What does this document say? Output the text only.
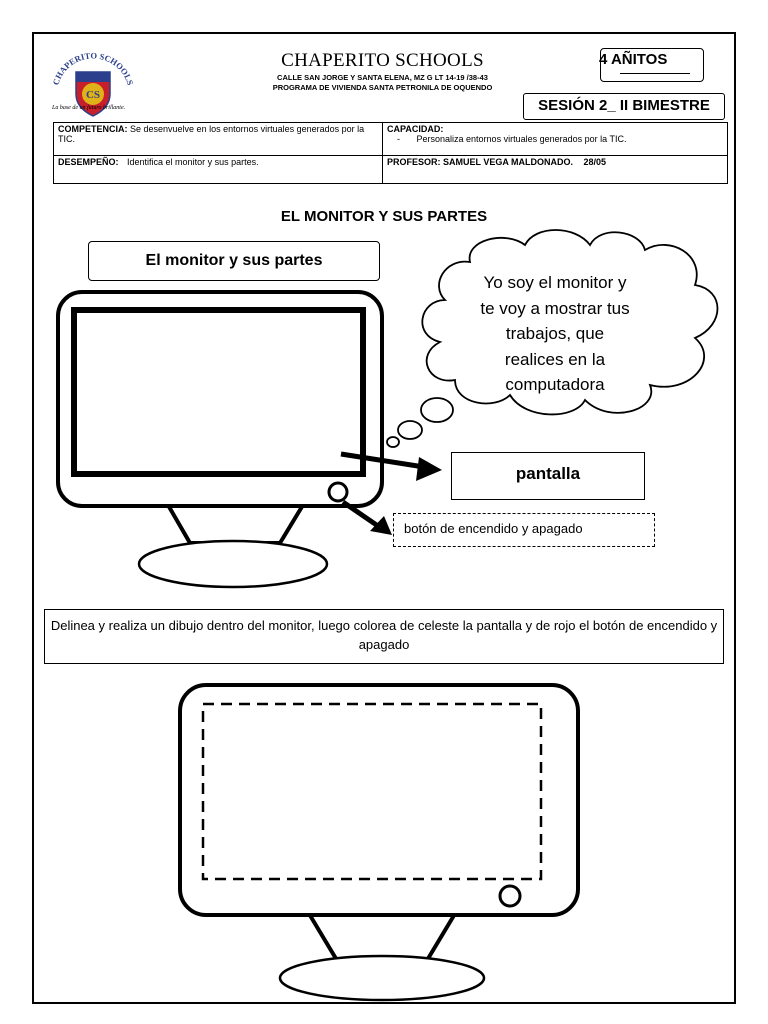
CHAPERITO SCHOOLS
CS
La base de un futuro brillante.
CHAPERITO SCHOOLS
CALLE SAN JORGE Y SANTA ELENA, MZ G LT 14-19 /38-43
PROGRAMA DE VIVIENDA SANTA PETRONILA DE OQUENDO
4 AÑITOS
SESIÓN 2_ II BIMESTRE
COMPETENCIA: Se desenvuelve en los entornos virtuales generados por la TIC.	CAPACIDAD:
- Personaliza entornos virtuales generados por la TIC.

DESEMPEÑO: Identifica el monitor y sus partes.	PROFESOR: SAMUEL VEGA MALDONADO. 28/05
EL MONITOR Y SUS PARTES
El monitor y sus partes
Yo soy el monitor y
te voy a mostrar tus
trabajos, que
realices en la
computadora
pantalla
botón de encendido y apagado
Delinea y realiza un dibujo dentro del monitor, luego colorea de celeste la pantalla y de rojo el botón de encendido y apagado
